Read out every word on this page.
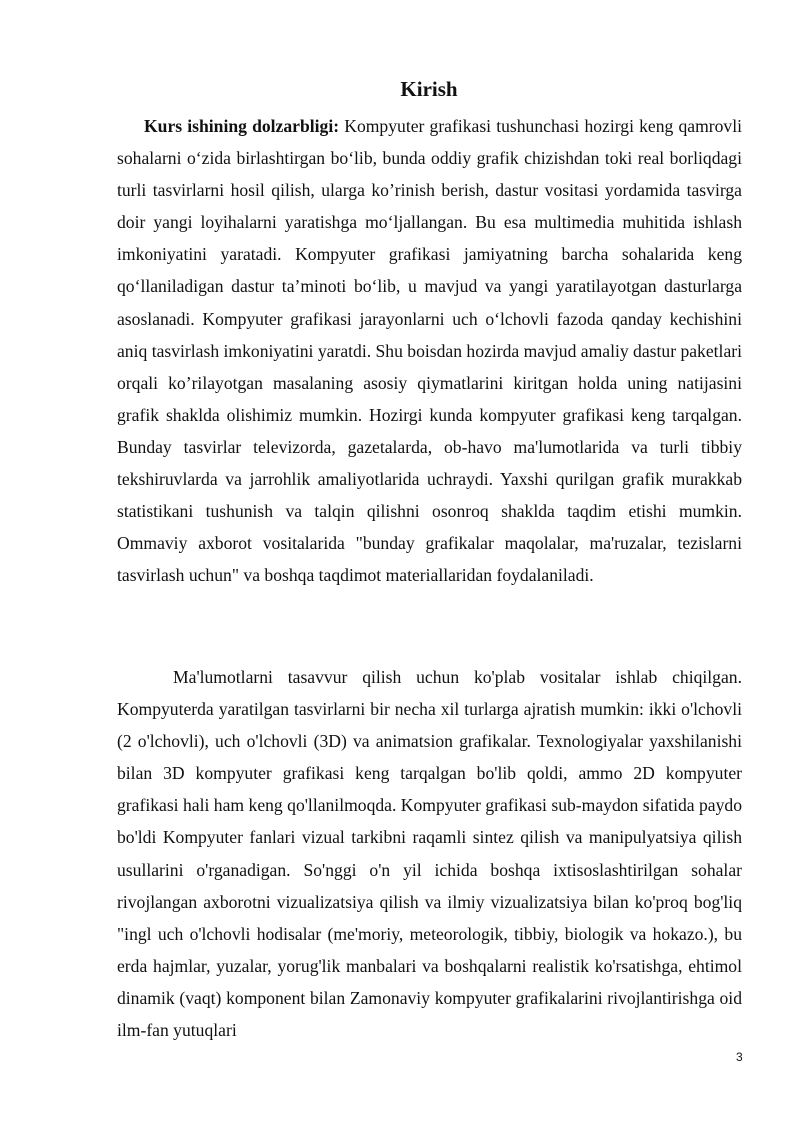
Kirish

Kurs ishining dolzarbligi: Kompyuter grafikasi tushunchasi hozirgi keng qamrovli sohalarni o‘zida birlashtirgan bo‘lib, bunda oddiy grafik chizishdan toki real borliqdagi turli tasvirlarni hosil qilish, ularga ko’rinish berish, dastur vositasi yordamida tasvirga doir yangi loyihalarni yaratishga mo‘ljallangan. Bu esa multimedia muhitida ishlash imkoniyatini yaratadi. Kompyuter grafikasi jamiyatning barcha sohalarida keng qo‘llaniladigan dastur ta’minoti bo‘lib, u mavjud va yangi yaratilayotgan dasturlarga asoslanadi. Kompyuter grafikasi jarayonlarni uch o‘lchovli fazoda qanday kechishini aniq tasvirlash imkoniyatini yaratdi. Shu boisdan hozirda mavjud amaliy dastur paketlari orqali ko’rilayotgan masalaning asosiy qiymatlarini kiritgan holda uning natijasini grafik shaklda olishimiz mumkin. Hozirgi kunda kompyuter grafikasi keng tarqalgan. Bunday tasvirlar televizorda, gazetalarda, ob-havo ma'lumotlarida va turli tibbiy tekshiruvlarda va jarrohlik amaliyotlarida uchraydi. Yaxshi qurilgan grafik murakkab statistikani tushunish va talqin qilishni osonroq shaklda taqdim etishi mumkin. Ommaviy axborot vositalarida "bunday grafikalar maqolalar, ma'ruzalar, tezislarni tasvirlash uchun" va boshqa taqdimot materiallaridan foydalaniladi.

Ma'lumotlarni tasavvur qilish uchun ko'plab vositalar ishlab chiqilgan. Kompyuterda yaratilgan tasvirlarni bir necha xil turlarga ajratish mumkin: ikki o'lchovli (2 o'lchovli), uch o'lchovli (3D) va animatsion grafikalar. Texnologiyalar yaxshilanishi bilan 3D kompyuter grafikasi keng tarqalgan bo'lib qoldi, ammo 2D kompyuter grafikasi hali ham keng qo'llanilmoqda. Kompyuter grafikasi sub-maydon sifatida paydo bo'ldi Kompyuter fanlari vizual tarkibni raqamli sintez qilish va manipulyatsiya qilish usullarini o'rganadigan. So'nggi o'n yil ichida boshqa ixtisoslashtirilgan sohalar rivojlangan axborotni vizualizatsiya qilish va ilmiy vizualizatsiya bilan ko'proq bog'liq "ingl uch o'lchovli hodisalar (me'moriy, meteorologik, tibbiy, biologik va hokazo.), bu erda hajmlar, yuzalar, yorug'lik manbalari va boshqalarni realistik ko'rsatishga, ehtimol dinamik (vaqt) komponent bilan Zamonaviy kompyuter grafikalarini rivojlantirishga oid ilm-fan yutuqlari

3
